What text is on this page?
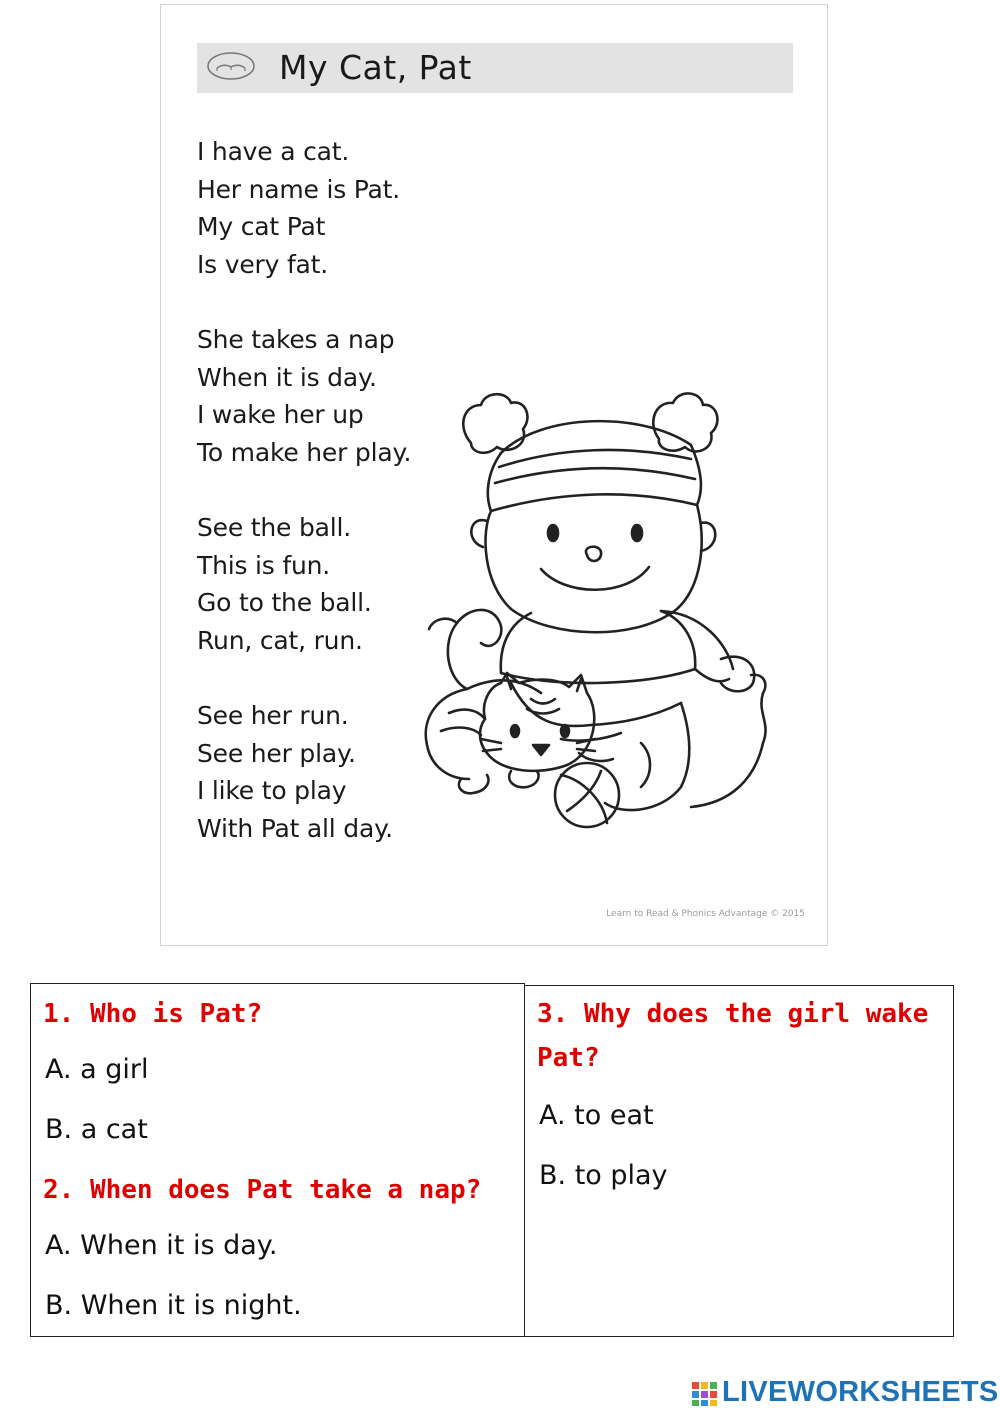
My Cat, Pat
I have a cat.
Her name is Pat.
My cat Pat
Is very fat.
She takes a nap
When it is day.
I wake her up
To make her play.
See the ball.
This is fun.
Go to the ball.
Run, cat, run.
See her run.
See her play.
I like to play
With Pat all day.
Learn to Read & Phonics Advantage © 2015
1. Who is Pat?
A. a girl
B. a cat
2. When does Pat take a nap?
A. When it is day.
B. When it is night.
3. Why does the girl wake
Pat?
A. to eat
B. to play
LIVEWORKSHEETS
